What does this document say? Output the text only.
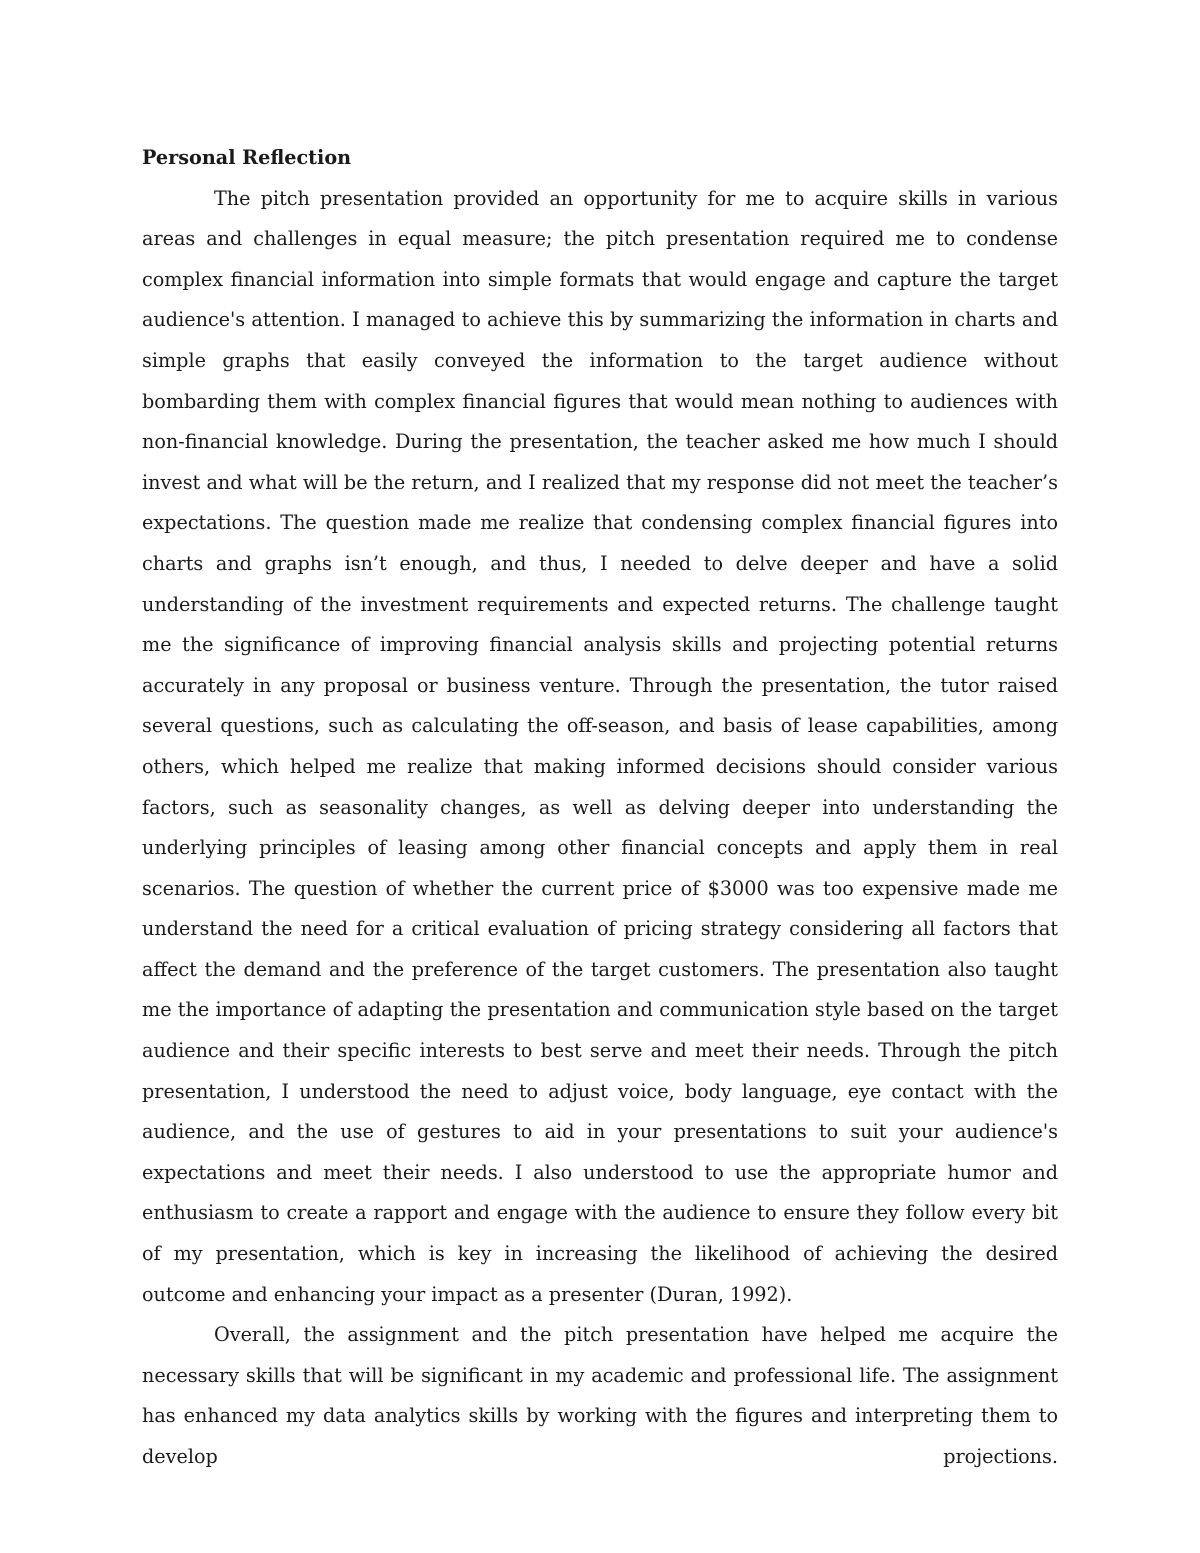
Personal Reflection

The pitch presentation provided an opportunity for me to acquire skills in various areas and challenges in equal measure; the pitch presentation required me to condense complex financial information into simple formats that would engage and capture the target audience's attention. I managed to achieve this by summarizing the information in charts and simple graphs that easily conveyed the information to the target audience without bombarding them with complex financial figures that would mean nothing to audiences with non-financial knowledge. During the presentation, the teacher asked me how much I should invest and what will be the return, and I realized that my response did not meet the teacher’s expectations. The question made me realize that condensing complex financial figures into charts and graphs isn’t enough, and thus, I needed to delve deeper and have a solid understanding of the investment requirements and expected returns. The challenge taught me the significance of improving financial analysis skills and projecting potential returns accurately in any proposal or business venture. Through the presentation, the tutor raised several questions, such as calculating the off-season, and basis of lease capabilities, among others, which helped me realize that making informed decisions should consider various factors, such as seasonality changes, as well as delving deeper into understanding the underlying principles of leasing among other financial concepts and apply them in real scenarios. The question of whether the current price of $3000 was too expensive made me understand the need for a critical evaluation of pricing strategy considering all factors that affect the demand and the preference of the target customers. The presentation also taught me the importance of adapting the presentation and communication style based on the target audience and their specific interests to best serve and meet their needs. Through the pitch presentation, I understood the need to adjust voice, body language, eye contact with the audience, and the use of gestures to aid in your presentations to suit your audience's expectations and meet their needs. I also understood to use the appropriate humor and enthusiasm to create a rapport and engage with the audience to ensure they follow every bit of my presentation, which is key in increasing the likelihood of achieving the desired outcome and enhancing your impact as a presenter (Duran, 1992).

Overall, the assignment and the pitch presentation have helped me acquire the necessary skills that will be significant in my academic and professional life. The assignment has enhanced my data analytics skills by working with the figures and interpreting them to develop projections.
